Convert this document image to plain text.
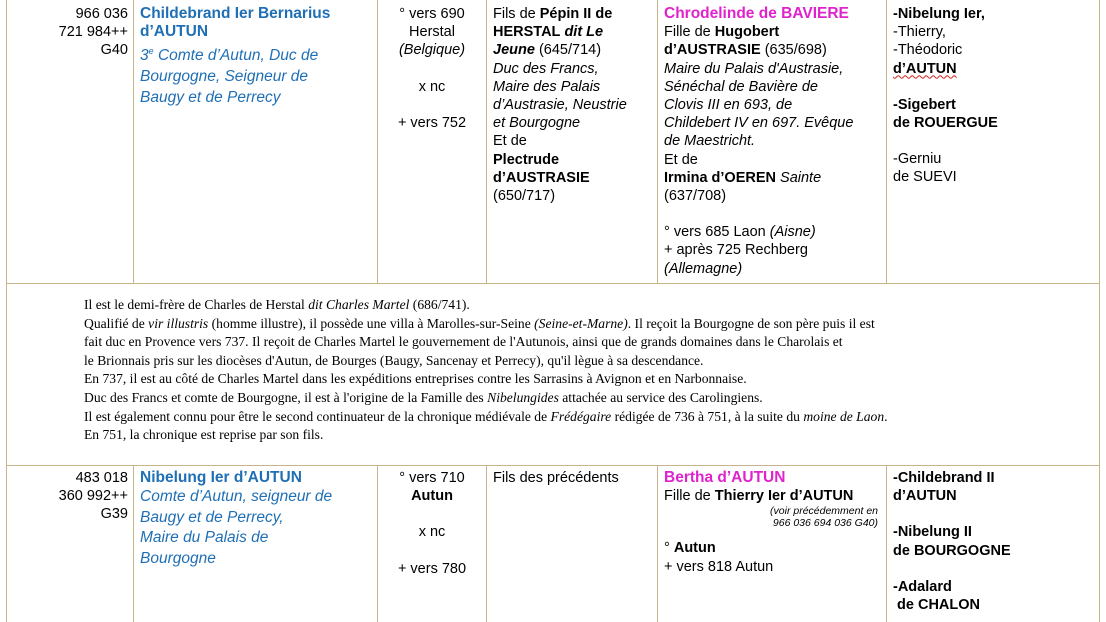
966 036
721 984++
G40
Childebrand Ier Bernarius
d’AUTUN
3e Comte d’Autun, Duc de
Bourgogne, Seigneur de
Baugy et de Perrecy
° vers 690
Herstal
(Belgique)
x nc
+ vers 752
Fils de Pépin II de
HERSTAL dit Le
Jeune (645/714)
Duc des Francs,
Maire des Palais
d’Austrasie, Neustrie
et Bourgogne
Et de
Plectrude
d’AUSTRASIE
(650/717)
Chrodelinde de BAVIERE
Fille de Hugobert
d’AUSTRASIE (635/698)
Maire du Palais d'Austrasie,
Sénéchal de Bavière de
Clovis III en 693, de
Childebert IV en 697. Evêque
de Maestricht.
Et de
Irmina d’OEREN Sainte
(637/708)
° vers 685 Laon (Aisne)
+ après 725 Rechberg
(Allemagne)
-Nibelung Ier,
-Thierry,
-Théodoric
d’AUTUN
-Sigebert
de ROUERGUE
-Gerniu
de SUEVI

Il est le demi-frère de Charles de Herstal dit Charles Martel (686/741).

Qualifié de vir illustris (homme illustre), il possède une villa à Marolles-sur-Seine (Seine-et-Marne). Il reçoit la Bourgogne de son père puis il est

fait duc en Provence vers 737. Il reçoit de Charles Martel le gouvernement de l'Autunois, ainsi que de grands domaines dans le Charolais et

le Brionnais pris sur les diocèses d'Autun, de Bourges (Baugy, Sancenay et Perrecy), qu'il lègue à sa descendance.

En 737, il est au côté de Charles Martel dans les expéditions entreprises contre les Sarrasins à Avignon et en Narbonnaise.

Duc des Francs et comte de Bourgogne, il est à l'origine de la Famille des Nibelungides attachée au service des Carolingiens.

Il est également connu pour être le second continuateur de la chronique médiévale de Frédégaire rédigée de 736 à 751, à la suite du moine de Laon.

En 751, la chronique est reprise par son fils.

483 018
360 992++
G39
Nibelung Ier d’AUTUN
Comte d’Autun, seigneur de
Baugy et de Perrecy,
Maire du Palais de
Bourgogne
° vers 710
Autun
x nc
+ vers 780
Fils des précédents	Bertha d’AUTUN
Fille de Thierry Ier d’AUTUN
(voir précédemment en
966 036 694 036 G40)
° Autun
+ vers 818 Autun
-Childebrand II
d’AUTUN
-Nibelung II
de BOURGOGNE
-Adalard
de CHALON
